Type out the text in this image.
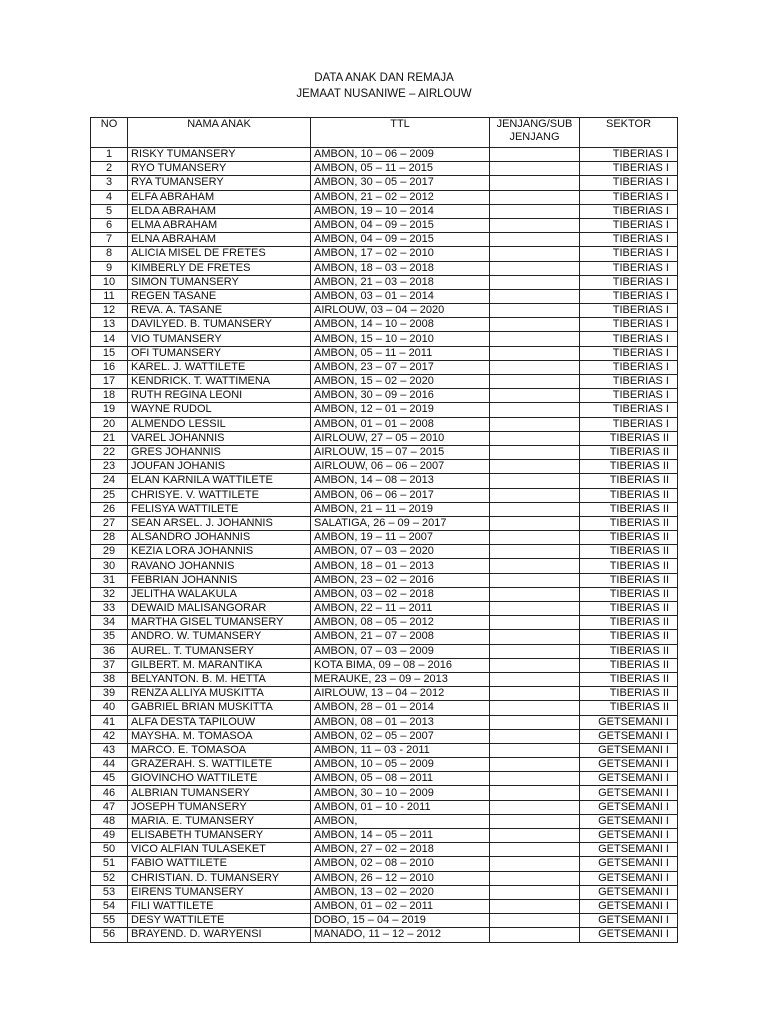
DATA ANAK DAN REMAJA
JEMAAT NUSANIWE – AIRLOUW
NO	NAMA ANAK	TTL	JENJANG/SUB JENJANG	SEKTOR
1	RISKY TUMANSERY	AMBON, 10 – 06 – 2009		TIBERIAS I
2	RYO TUMANSERY	AMBON, 05 – 11 – 2015		TIBERIAS I
3	RYA TUMANSERY	AMBON, 30 – 05 – 2017		TIBERIAS I
4	ELFA ABRAHAM	AMBON, 21 – 02 – 2012		TIBERIAS I
5	ELDA ABRAHAM	AMBON, 19 – 10 – 2014		TIBERIAS I
6	ELMA ABRAHAM	AMBON, 04 – 09 – 2015		TIBERIAS I
7	ELNA ABRAHAM	AMBON, 04 – 09 – 2015		TIBERIAS I
8	ALICIA MISEL DE FRETES	AMBON, 17 – 02 – 2010		TIBERIAS I
9	KIMBERLY DE FRETES	AMBON, 18 – 03 – 2018		TIBERIAS I
10	SIMON TUMANSERY	AMBON, 21 – 03 – 2018		TIBERIAS I
11	REGEN TASANE	AMBON, 03 – 01 – 2014		TIBERIAS I
12	REVA. A. TASANE	AIRLOUW, 03 – 04 – 2020		TIBERIAS I
13	DAVILYED. B. TUMANSERY	AMBON, 14 – 10 – 2008		TIBERIAS I
14	VIO TUMANSERY	AMBON, 15 – 10 – 2010		TIBERIAS I
15	OFI TUMANSERY	AMBON, 05 – 11 – 2011		TIBERIAS I
16	KAREL. J. WATTILETE	AMBON, 23 – 07 – 2017		TIBERIAS I
17	KENDRICK. T. WATTIMENA	AMBON, 15 – 02 – 2020		TIBERIAS I
18	RUTH REGINA LEONI	AMBON, 30 – 09 – 2016		TIBERIAS I
19	WAYNE RUDOL	AMBON, 12 – 01 – 2019		TIBERIAS I
20	ALMENDO LESSIL	AMBON, 01 – 01 – 2008		TIBERIAS I
21	VAREL JOHANNIS	AIRLOUW, 27 – 05 – 2010		TIBERIAS II
22	GRES JOHANNIS	AIRLOUW, 15 – 07 – 2015		TIBERIAS II
23	JOUFAN JOHANIS	AIRLOUW, 06 – 06 – 2007		TIBERIAS II
24	ELAN KARNILA WATTILETE	AMBON, 14 – 08 – 2013		TIBERIAS II
25	CHRISYE. V. WATTILETE	AMBON, 06 – 06 – 2017		TIBERIAS II
26	FELISYA WATTILETE	AMBON, 21 – 11 – 2019		TIBERIAS II
27	SEAN ARSEL. J. JOHANNIS	SALATIGA, 26 – 09 – 2017		TIBERIAS II
28	ALSANDRO JOHANNIS	AMBON, 19 – 11 – 2007		TIBERIAS II
29	KEZIA LORA JOHANNIS	AMBON, 07 – 03 – 2020		TIBERIAS II
30	RAVANO JOHANNIS	AMBON, 18 – 01 – 2013		TIBERIAS II
31	FEBRIAN JOHANNIS	AMBON, 23 – 02 – 2016		TIBERIAS II
32	JELITHA WALAKULA	AMBON, 03 – 02 – 2018		TIBERIAS II
33	DEWAID MALISANGORAR	AMBON, 22 – 11 – 2011		TIBERIAS II
34	MARTHA GISEL TUMANSERY	AMBON, 08 – 05 – 2012		TIBERIAS II
35	ANDRO. W. TUMANSERY	AMBON, 21 – 07 – 2008		TIBERIAS II
36	AUREL. T. TUMANSERY	AMBON, 07 – 03 – 2009		TIBERIAS II
37	GILBERT. M. MARANTIKA	KOTA BIMA, 09 – 08 – 2016		TIBERIAS II
38	BELYANTON. B. M. HETTA	MERAUKE, 23 – 09 – 2013		TIBERIAS II
39	RENZA ALLIYA MUSKITTA	AIRLOUW, 13 – 04 – 2012		TIBERIAS II
40	GABRIEL BRIAN MUSKITTA	AMBON, 28 – 01 – 2014		TIBERIAS II
41	ALFA DESTA TAPILOUW	AMBON, 08 – 01 – 2013		GETSEMANI I
42	MAYSHA. M. TOMASOA	AMBON, 02 – 05 – 2007		GETSEMANI I
43	MARCO. E. TOMASOA	AMBON, 11 – 03 - 2011		GETSEMANI I
44	GRAZERAH. S. WATTILETE	AMBON, 10 – 05 – 2009		GETSEMANI I
45	GIOVINCHO WATTILETE	AMBON, 05 – 08 – 2011		GETSEMANI I
46	ALBRIAN TUMANSERY	AMBON, 30 – 10 – 2009		GETSEMANI I
47	JOSEPH TUMANSERY	AMBON, 01 – 10 - 2011		GETSEMANI I
48	MARIA. E. TUMANSERY	AMBON,		GETSEMANI I
49	ELISABETH TUMANSERY	AMBON, 14 – 05 – 2011		GETSEMANI I
50	VICO ALFIAN TULASEKET	AMBON, 27 – 02 – 2018		GETSEMANI I
51	FABIO WATTILETE	AMBON, 02 – 08 – 2010		GETSEMANI I
52	CHRISTIAN. D. TUMANSERY	AMBON, 26 – 12 – 2010		GETSEMANI I
53	EIRENS TUMANSERY	AMBON, 13 – 02 – 2020		GETSEMANI I
54	FILI WATTILETE	AMBON, 01 – 02 – 2011		GETSEMANI I
55	DESY WATTILETE	DOBO, 15 – 04 – 2019		GETSEMANI I
56	BRAYEND. D. WARYENSI	MANADO, 11 – 12 – 2012		GETSEMANI I
